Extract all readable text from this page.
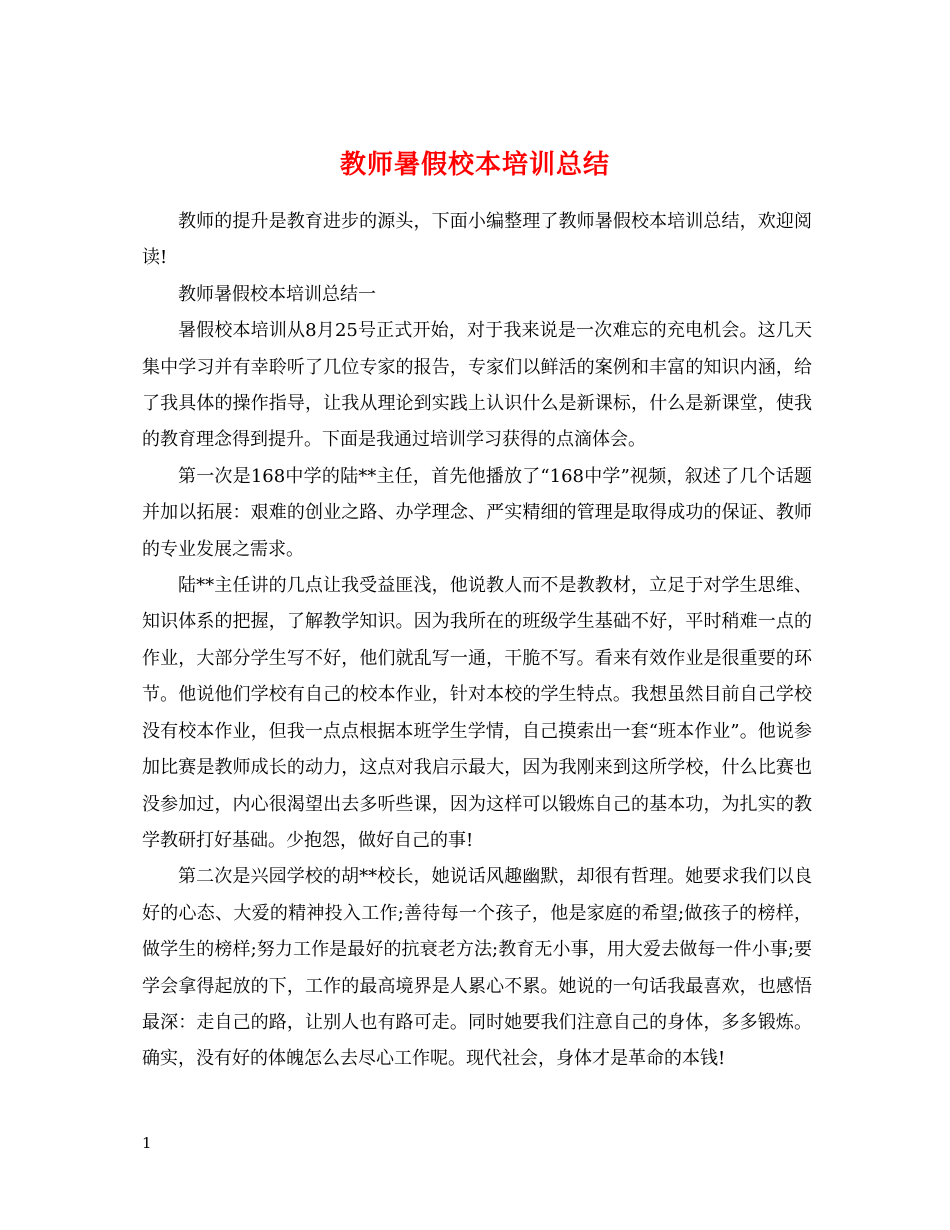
教师暑假校本培训总结

教师的提升是教育进步的源头，下面小编整理了教师暑假校本培训总结，欢迎阅读!

教师暑假校本培训总结一

暑假校本培训从8月25号正式开始，对于我来说是一次难忘的充电机会。这几天集中学习并有幸聆听了几位专家的报告，专家们以鲜活的案例和丰富的知识内涵，给了我具体的操作指导，让我从理论到实践上认识什么是新课标，什么是新课堂，使我的教育理念得到提升。下面是我通过培训学习获得的点滴体会。

第一次是168中学的陆**主任，首先他播放了“168中学”视频，叙述了几个话题并加以拓展：艰难的创业之路、办学理念、严实精细的管理是取得成功的保证、教师的专业发展之需求。

陆**主任讲的几点让我受益匪浅，他说教人而不是教教材，立足于对学生思维、知识体系的把握，了解教学知识。因为我所在的班级学生基础不好，平时稍难一点的作业，大部分学生写不好，他们就乱写一通，干脆不写。看来有效作业是很重要的环节。他说他们学校有自己的校本作业，针对本校的学生特点。我想虽然目前自己学校没有校本作业，但我一点点根据本班学生学情，自己摸索出一套“班本作业”。他说参加比赛是教师成长的动力，这点对我启示最大，因为我刚来到这所学校，什么比赛也没参加过，内心很渴望出去多听些课，因为这样可以锻炼自己的基本功，为扎实的教学教研打好基础。少抱怨，做好自己的事!

第二次是兴园学校的胡**校长，她说话风趣幽默，却很有哲理。她要求我们以良好的心态、大爱的精神投入工作;善待每一个孩子，他是家庭的希望;做孩子的榜样，做学生的榜样;努力工作是最好的抗衰老方法;教育无小事，用大爱去做每一件小事;要学会拿得起放的下，工作的最高境界是人累心不累。她说的一句话我最喜欢，也感悟最深：走自己的路，让别人也有路可走。同时她要我们注意自己的身体，多多锻炼。确实，没有好的体魄怎么去尽心工作呢。现代社会，身体才是革命的本钱!

1
